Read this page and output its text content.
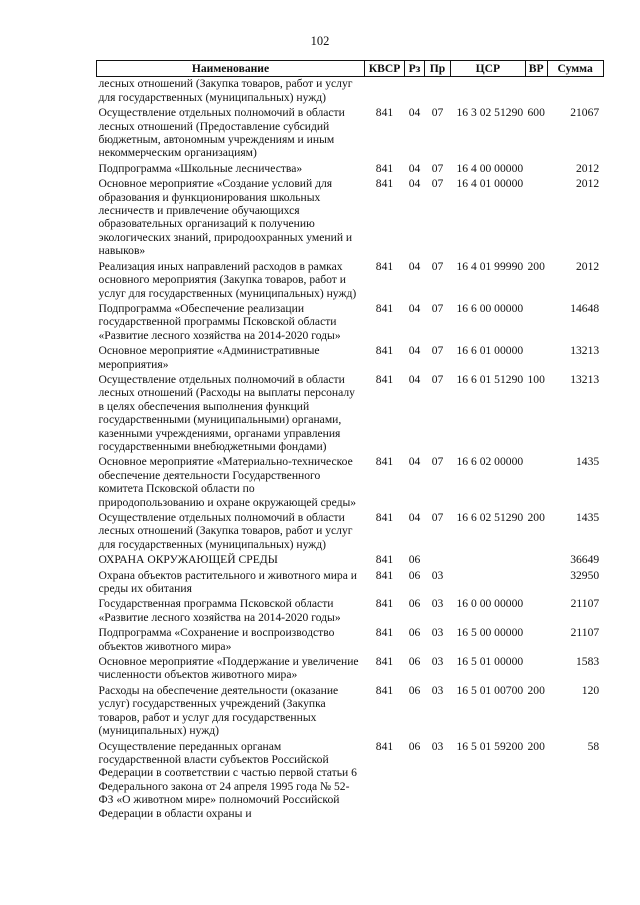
102
Наименование	КВСР	Рз	Пр	ЦСР	ВР	Сумма
лесных отношений (Закупка товаров, работ и услуг для государственных (муниципальных) нужд)						
Осуществление отдельных полномочий в области лесных отношений (Предоставление субсидий бюджетным, автономным учреждениям и иным некоммерческим организациям)	841	04	07	16 3 02 51290	600	21067
Подпрограмма «Школьные лесничества»	841	04	07	16 4 00 00000		2012
Основное мероприятие «Создание условий для образования и функционирования школьных лесничеств и привлечение обучающихся образовательных организаций к получению экологических знаний, природоохранных умений и навыков»	841	04	07	16 4 01 00000		2012
Реализация иных направлений расходов в рамках основного мероприятия (Закупка товаров, работ и услуг для государственных (муниципальных) нужд)	841	04	07	16 4 01 99990	200	2012
Подпрограмма «Обеспечение реализации государственной программы Псковской области «Развитие лесного хозяйства на 2014-2020 годы»	841	04	07	16 6 00 00000		14648
Основное мероприятие «Административные мероприятия»	841	04	07	16 6 01 00000		13213
Осуществление отдельных полномочий в области лесных отношений (Расходы на выплаты персоналу в целях обеспечения выполнения функций государственными (муниципальными) органами, казенными учреждениями, органами управления государственными внебюджетными фондами)	841	04	07	16 6 01 51290	100	13213
Основное мероприятие «Материально-техническое обеспечение деятельности Государственного комитета Псковской области по природопользованию и охране окружающей среды»	841	04	07	16 6 02 00000		1435
Осуществление отдельных полномочий в области лесных отношений (Закупка товаров, работ и услуг для государственных (муниципальных) нужд)	841	04	07	16 6 02 51290	200	1435
ОХРАНА ОКРУЖАЮЩЕЙ СРЕДЫ	841	06				36649
Охрана объектов растительного и животного мира и среды их обитания	841	06	03			32950
Государственная программа Псковской области «Развитие лесного хозяйства на 2014-2020 годы»	841	06	03	16 0 00 00000		21107
Подпрограмма «Сохранение и воспроизводство объектов животного мира»	841	06	03	16 5 00 00000		21107
Основное мероприятие «Поддержание и увеличение численности объектов животного мира»	841	06	03	16 5 01 00000		1583
Расходы на обеспечение деятельности (оказание услуг) государственных учреждений (Закупка товаров, работ и услуг для государственных (муниципальных) нужд)	841	06	03	16 5 01 00700	200	120
Осуществление переданных органам государственной власти субъектов Российской Федерации в соответствии с частью первой статьи 6 Федерального закона от 24 апреля 1995 года № 52-ФЗ «О животном мире» полномочий Российской Федерации в области охраны и	841	06	03	16 5 01 59200	200	58
